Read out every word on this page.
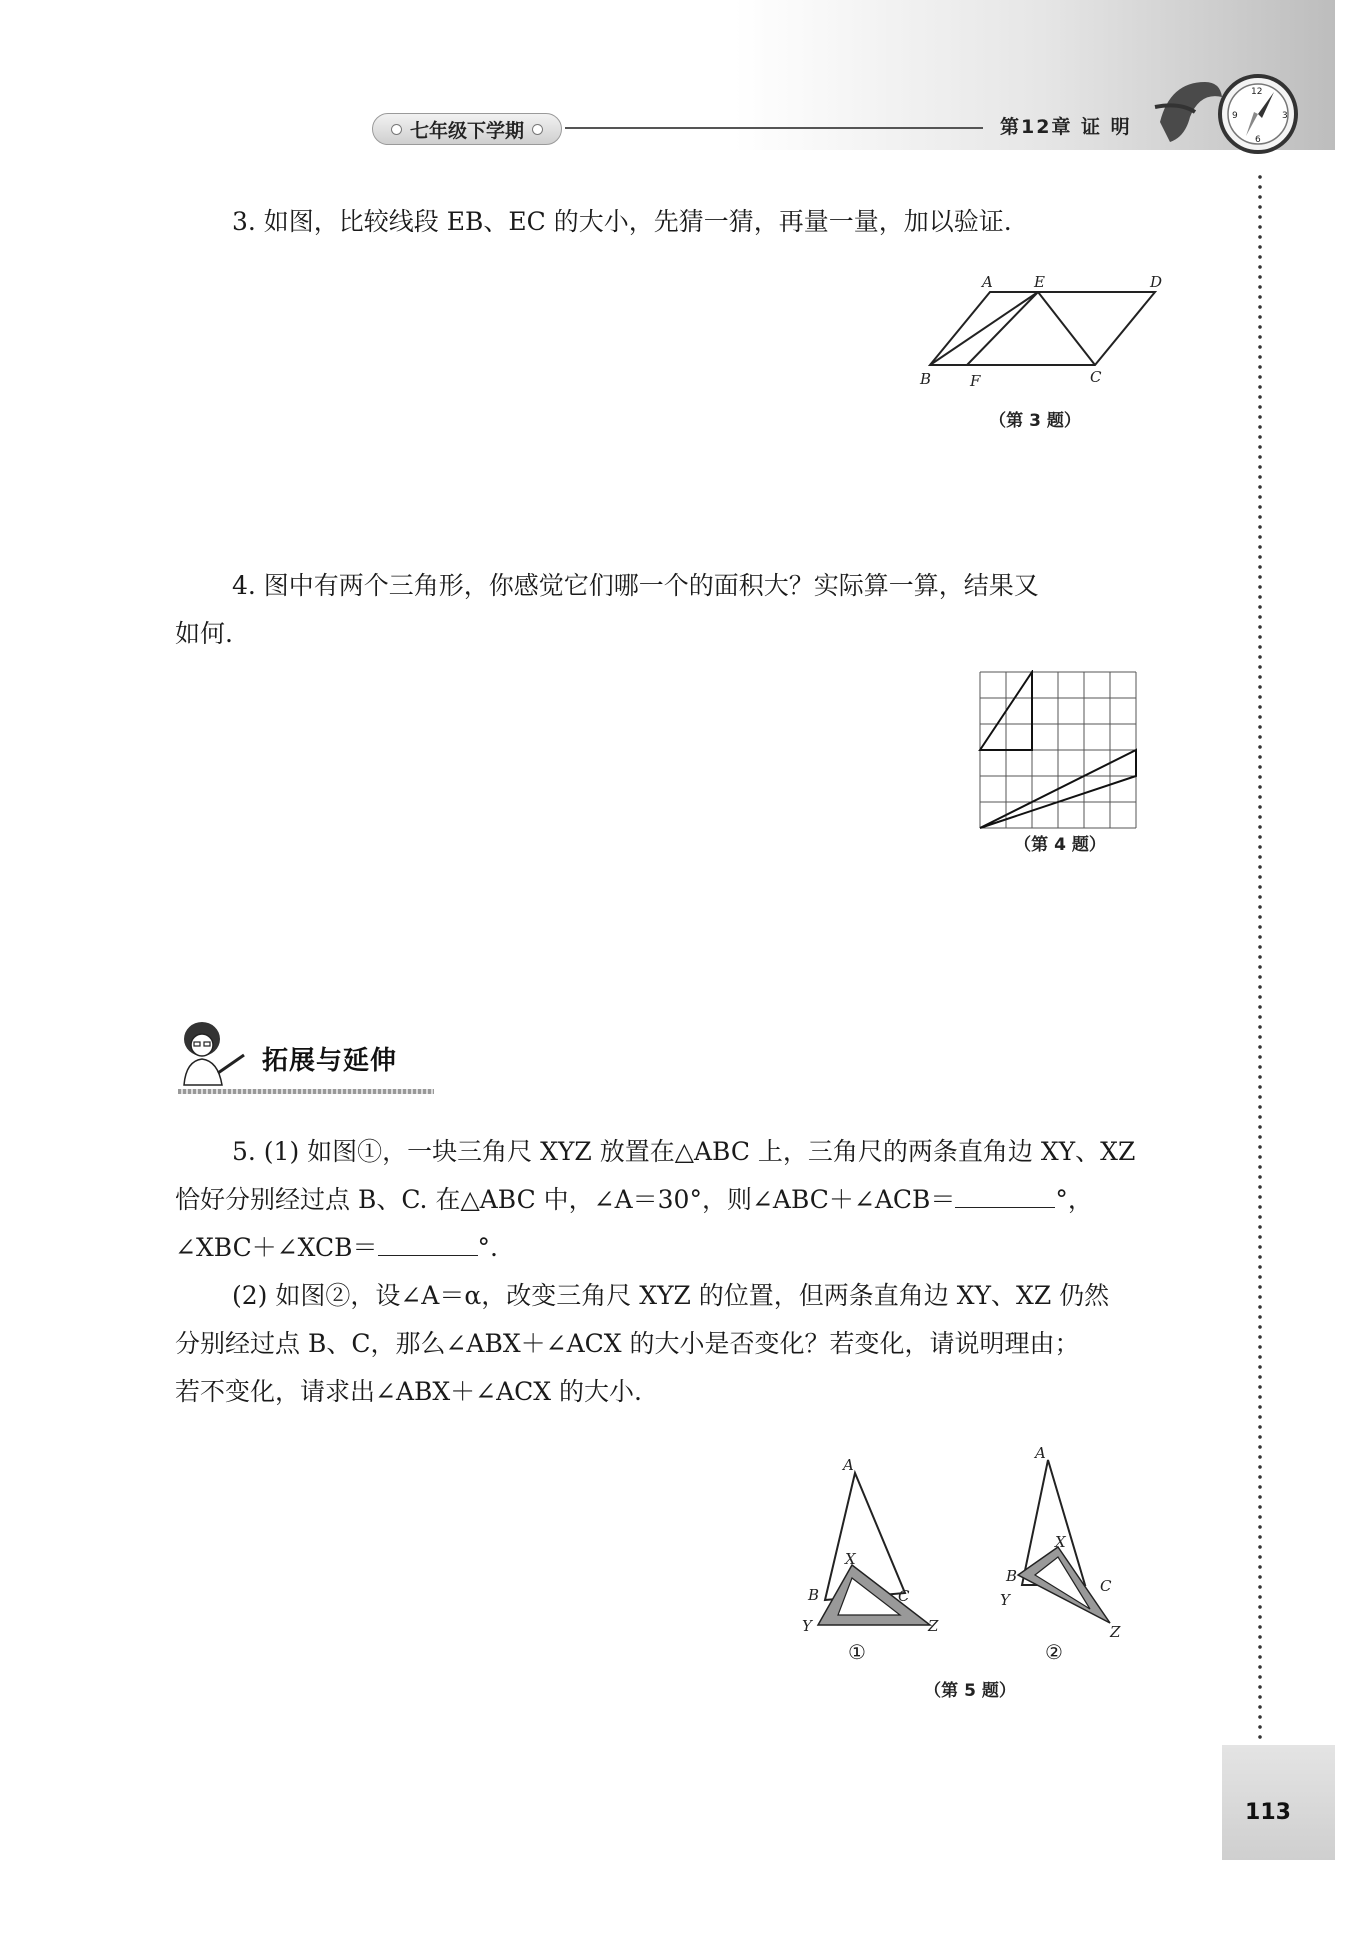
七年级下学期	第12章 证 明
12
3
6
9
113
3. 如图，比较线段 EB、EC 的大小，先猜一猜，再量一量，加以验证.
A	E	D
B	F	C
（第 3 题）
4. 图中有两个三角形，你感觉它们哪一个的面积大？实际算一算，结果又
如何.
（第 4 题）
拓展与延伸
5. (1) 如图①，一块三角尺 XYZ 放置在△ABC 上，三角尺的两条直角边 XY、XZ
恰好分别经过点 B、C. 在△ABC 中，∠A＝30°，则∠ABC＋∠ACB＝	°，
∠XBC＋∠XCB＝	°.
(2) 如图②，设∠A＝α，改变三角尺 XYZ 的位置，但两条直角边 XY、XZ 仍然
分别经过点 B、C，那么∠ABX＋∠ACX 的大小是否变化？若变化，请说明理由；
若不变化，请求出∠ABX＋∠ACX 的大小.
A
X
B	C
Y	Z
A
X
B
C
Y
Z
①	②
（第 5 题）
